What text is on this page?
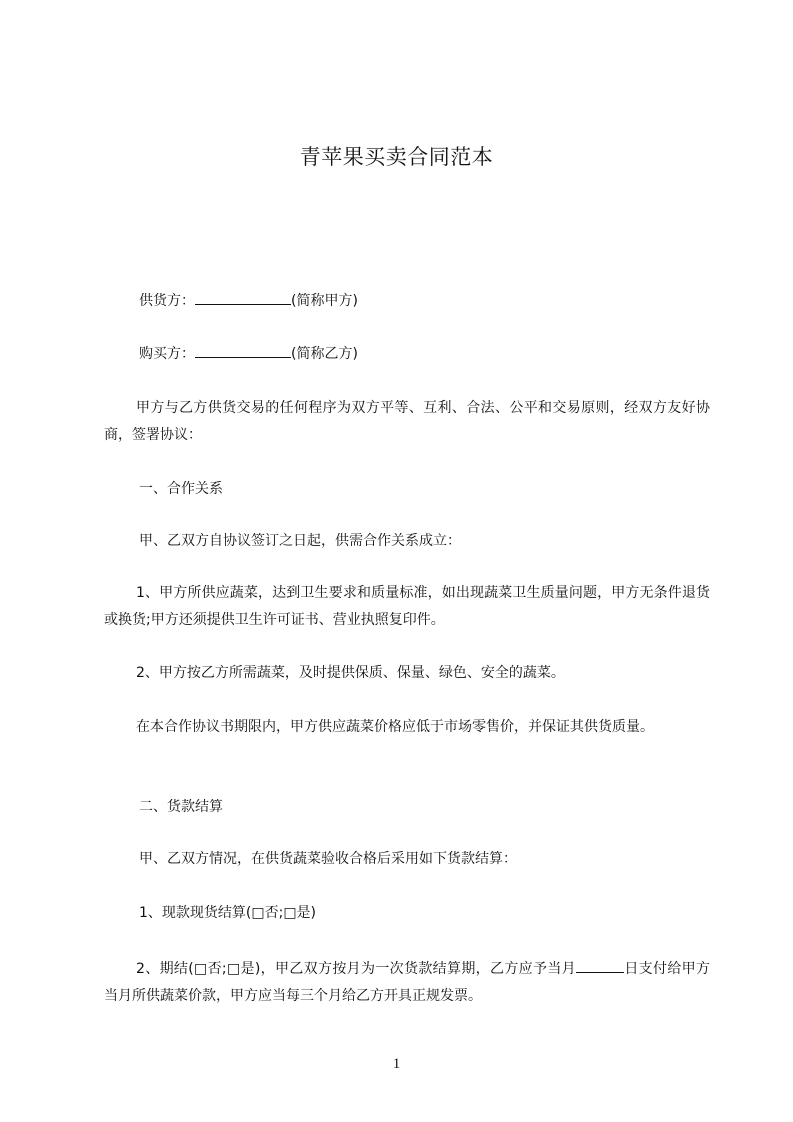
青苹果买卖合同范本

供货方：	(简称甲方)

购买方：	(简称乙方)

甲方与乙方供货交易的任何程序为双方平等、互利、合法、公平和交易原则，经双方友好协商，签署协议：

一、合作关系

甲、乙双方自协议签订之日起，供需合作关系成立：

1、甲方所供应蔬菜，达到卫生要求和质量标准，如出现蔬菜卫生质量问题，甲方无条件退货或换货;甲方还须提供卫生许可证书、营业执照复印件。

2、甲方按乙方所需蔬菜，及时提供保质、保量、绿色、安全的蔬菜。

在本合作协议书期限内，甲方供应蔬菜价格应低于市场零售价，并保证其供货质量。

二、货款结算

甲、乙双方情况，在供货蔬菜验收合格后采用如下货款结算：

1、现款现货结算(□否;□是)

2、期结(□否;□是)，甲乙双方按月为一次货款结算期，乙方应予当月	日支付给甲方当月所供蔬菜价款，甲方应当每三个月给乙方开具正规发票。

1
